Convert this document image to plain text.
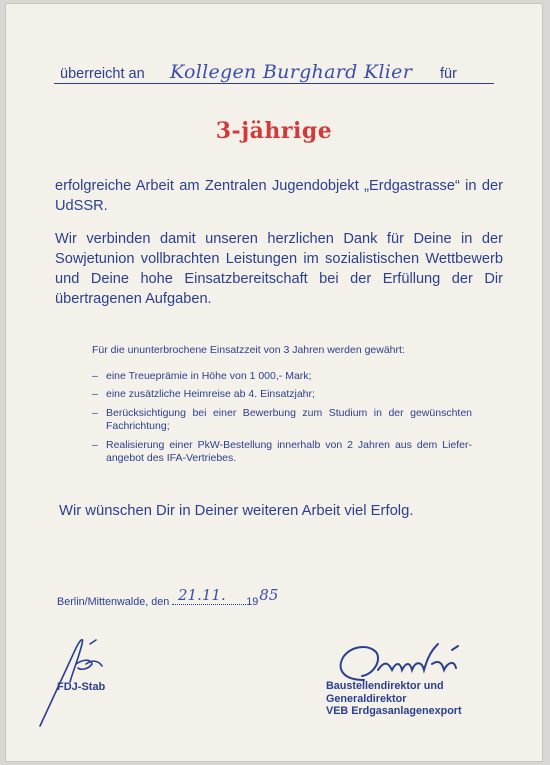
überreicht an Kollegen Burghard Klier für
3-jährige
erfolgreiche Arbeit am Zentralen Jugendobjekt „Erdgastrasse“ in der UdSSR.
Wir verbinden damit unseren herzlichen Dank für Deine in der Sowjetunion vollbrachten Leistungen im sozialistischen Wettbewerb und Deine hohe Einsatzbereitschaft bei der Erfüllung der Dir übertragenen Aufgaben.
Für die ununterbrochene Einsatzzeit von 3 Jahren werden gewährt:
– eine Treueprämie in Höhe von 1 000,- Mark;
– eine zusätzliche Heimreise ab 4. Einsatzjahr;
– Berücksichtigung bei einer Bewerbung zum Studium in der gewünschten Fachrichtung;
– Realisierung einer PkW-Bestellung innerhalb von 2 Jahren aus dem Liefer-angebot des IFA-Vertriebes.
Wir wünschen Dir in Deiner weiteren Arbeit viel Erfolg.
Berlin/Mittenwalde, den	19
21.11. 85
FDJ-Stab	Baustellendirektor und
Generaldirektor
VEB Erdgasanlagenexport
